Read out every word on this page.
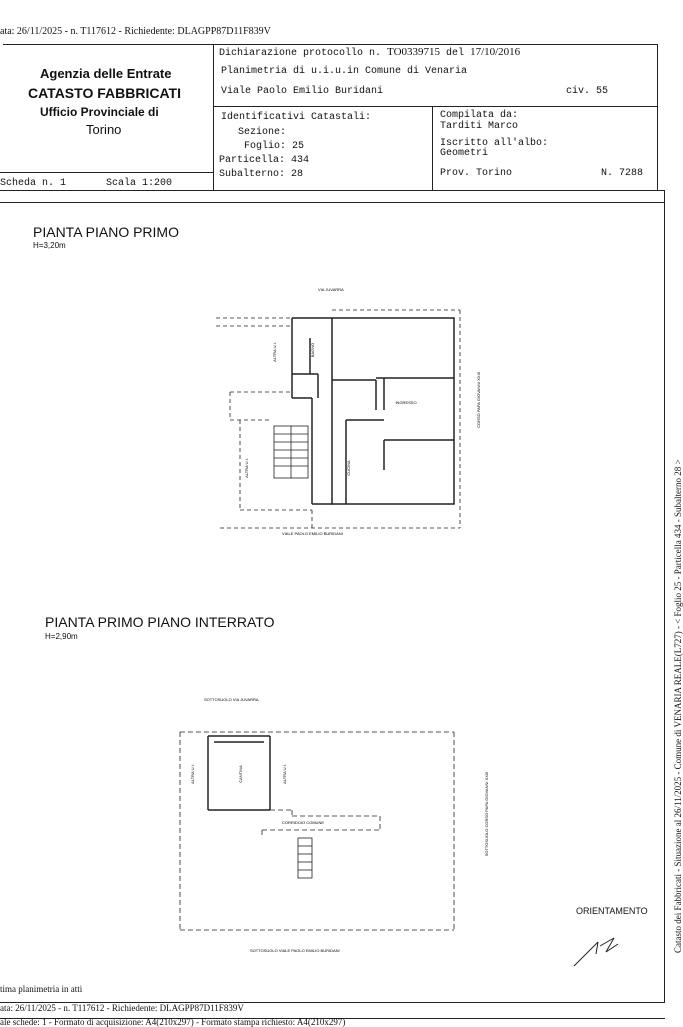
ata: 26/11/2025 - n. T117612 - Richiedente: DLAGPP87D11F839V
Agenzia delle Entrate
CATASTO FABBRICATI
Ufficio Provinciale di
Torino
Dichiarazione protocollo n. TO0339715 del 17/10/2016
Planimetria di u.i.u.in Comune di Venaria
Viale Paolo Emilio Buridani	civ. 55
Identificativi Catastali:
Sezione:
Foglio: 25
Particella: 434
Subalterno: 28
Compilata da:
Tarditi Marco
Iscritto all'albo:
Geometri
Prov. Torino	N. 7288
Scheda n. 1	Scala 1:200
PIANTA PIANO PRIMO
H=3,20m
VIA JUVARRA
VIALE PAOLO EMILIO BURIDANI
INGRESSO	CORSO PAPA GIOVANNI XXIII
ALTRA U.I.
ALTRA U.I.
BAGNO
CUCINA
PIANTA PRIMO PIANO INTERRATO
H=2,90m
SOTTOSUOLO VIA JUVARRA
SOTTOSUOLO VIALE PAOLO EMILIO BURIDANI
CORRIDOIO COMUNE
ALTRA U.I.	CANTINA	ALTRA U.I.	SOTTOSUOLO CORSO PAPA GIOVANNI XXIII
ORIENTAMENTO
tima planimetria in atti
ata: 26/11/2025 - n. T117612 - Richiedente: DLAGPP87D11F839V
ale schede: 1 - Formato di acquisizione: A4(210x297) - Formato stampa richiesto: A4(210x297)
Catasto dei Fabbricati - Situazione al 26/11/2025 - Comune di VENARIA REALE(L727) - < Foglio 25 - Particella 434 - Subalterno 28 >
